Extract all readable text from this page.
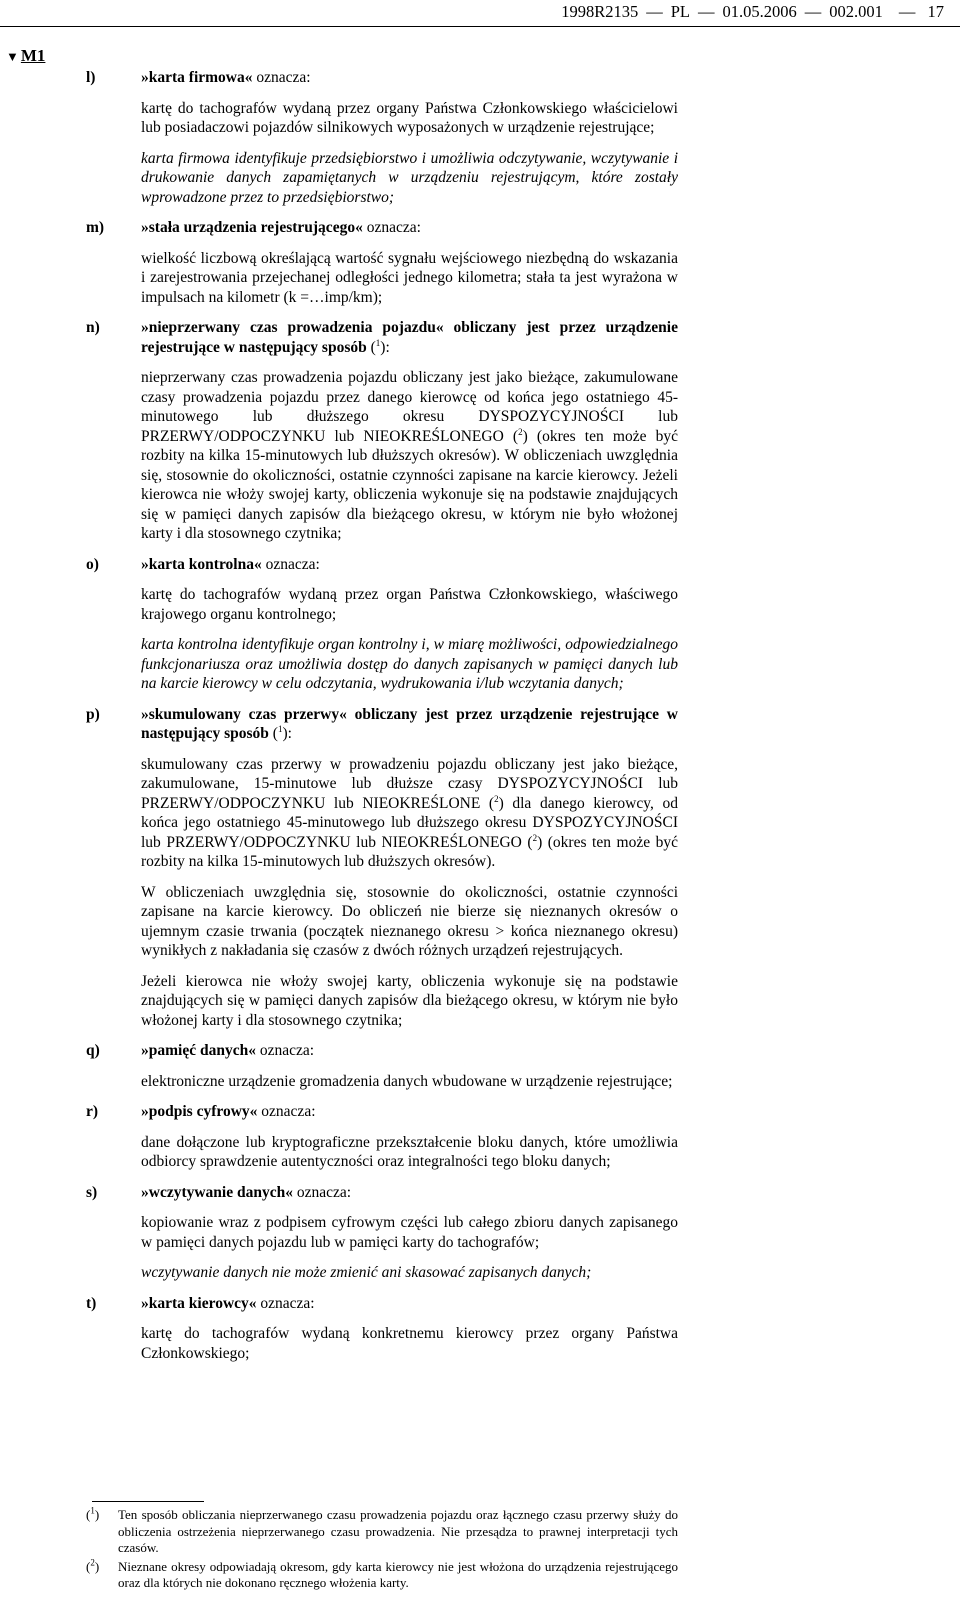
1998R2135 — PL — 01.05.2006 — 002.001 — 17
▼ M1
l)	»karta firmowa« oznacza:

kartę do tachografów wydaną przez organy Państwa Członkowskiego właścicielowi lub posiadaczowi pojazdów silnikowych wyposażonych w urządzenie rejestrujące;

karta firmowa identyfikuje przedsiębiorstwo i umożliwia odczytywanie, wczytywanie i drukowanie danych zapamiętanych w urządzeniu rejestrującym, które zostały wprowadzone przez to przedsiębiorstwo;

m) »stała urządzenia rejestrującego« oznacza:

wielkość liczbową określającą wartość sygnału wejściowego niezbędną do wskazania i zarejestrowania przejechanej odległości jednego kilometra; stała ta jest wyrażona w impulsach na kilometr (k =…imp/km);

n)	»nieprzerwany czas prowadzenia pojazdu« obliczany jest przez urządzenie rejestrujące w następujący sposób ($^1$):

nieprzerwany czas prowadzenia pojazdu obliczany jest jako bieżące, zakumulowane czasy prowadzenia pojazdu przez danego kierowcę od końca jego ostatniego 45-minutowego lub dłuższego okresu DYSPOZYCYJNOŚCI lub PRZERWY/ODPOCZYNKU lub NIEOKREŚLONEGO ($^2$) (okres ten może być rozbity na kilka 15-minutowych lub dłuższych okresów). W obliczeniach uwzględnia się, stosownie do okoliczności, ostatnie czynności zapisane na karcie kierowcy. Jeżeli kierowca nie włoży swojej karty, obliczenia wykonuje się na podstawie znajdujących się w pamięci danych zapisów dla bieżącego okresu, w którym nie było włożonej karty i dla stosownego czytnika;

o)	»karta kontrolna« oznacza:

kartę do tachografów wydaną przez organ Państwa Członkowskiego, właściwego krajowego organu kontrolnego;

karta kontrolna identyfikuje organ kontrolny i, w miarę możliwości, odpowiedzialnego funkcjonariusza oraz umożliwia dostęp do danych zapisanych w pamięci danych lub na karcie kierowcy w celu odczytania, wydrukowania i/lub wczytania danych;

p)	»skumulowany czas przerwy« obliczany jest przez urządzenie rejestrujące w następujący sposób ($^1$):

skumulowany czas przerwy w prowadzeniu pojazdu obliczany jest jako bieżące, zakumulowane, 15-minutowe lub dłuższe czasy DYSPOZYCYJNOŚCI lub PRZERWY/ODPOCZYNKU lub NIEOKREŚLONE ($^2$) dla danego kierowcy, od końca jego ostatniego 45-minutowego lub dłuższego okresu DYSPOZYCYJNOŚCI lub PRZERWY/ODPOCZYNKU lub NIEOKREŚLONEGO ($^2$) (okres ten może być rozbity na kilka 15-minutowych lub dłuższych okresów).

W obliczeniach uwzględnia się, stosownie do okoliczności, ostatnie czynności zapisane na karcie kierowcy. Do obliczeń nie bierze się nieznanych okresów o ujemnym czasie trwania (początek nieznanego okresu > końca nieznanego okresu) wynikłych z nakładania się czasów z dwóch różnych urządzeń rejestrujących.

Jeżeli kierowca nie włoży swojej karty, obliczenia wykonuje się na podstawie znajdujących się w pamięci danych zapisów dla bieżącego okresu, w którym nie było włożonej karty i dla stosownego czytnika;

q)	»pamięć danych« oznacza:

elektroniczne urządzenie gromadzenia danych wbudowane w urządzenie rejestrujące;

r)	»podpis cyfrowy« oznacza:

dane dołączone lub kryptograficzne przekształcenie bloku danych, które umożliwia odbiorcy sprawdzenie autentyczności oraz integralności tego bloku danych;

s)	»wczytywanie danych« oznacza:

kopiowanie wraz z podpisem cyfrowym części lub całego zbioru danych zapisanego w pamięci danych pojazdu lub w pamięci karty do tachografów;

wczytywanie danych nie może zmienić ani skasować zapisanych danych;

t)	»karta kierowcy« oznacza:

kartę do tachografów wydaną konkretnemu kierowcy przez organy Państwa Członkowskiego;

($^1$) Ten sposób obliczania nieprzerwanego czasu prowadzenia pojazdu oraz łącznego czasu przerwy służy do obliczenia ostrzeżenia nieprzerwanego czasu prowadzenia. Nie przesądza to prawnej interpretacji tych czasów.
($^2$) Nieznane okresy odpowiadają okresom, gdy karta kierowcy nie jest włożona do urządzenia rejestrującego oraz dla których nie dokonano ręcznego włożenia karty.
